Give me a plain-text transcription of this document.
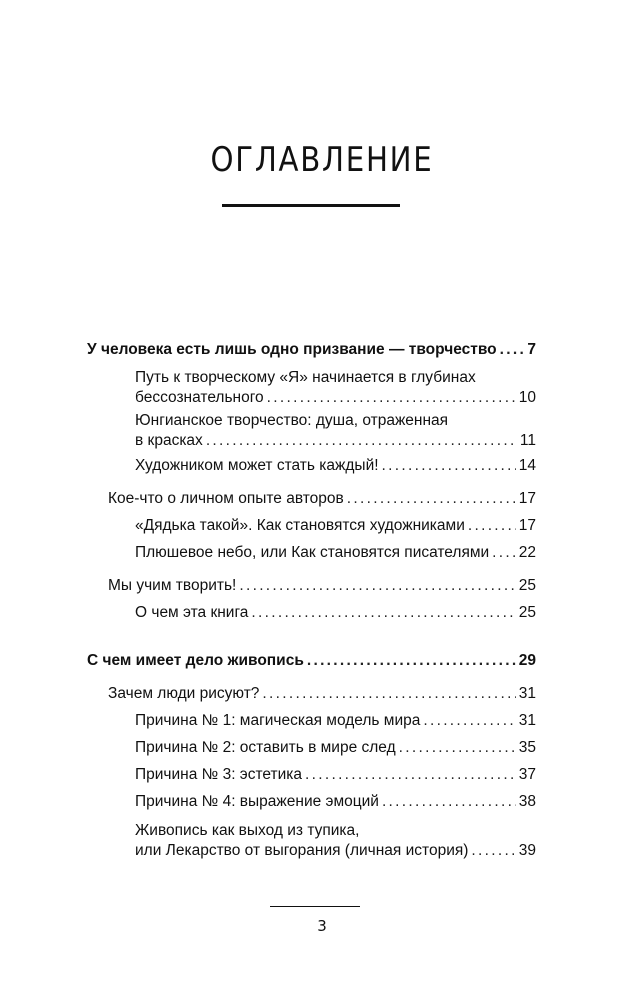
ОГЛАВЛЕНИЕ
У человека есть лишь одно призвание — творчество . . . 7
Путь к творческому «Я» начинается в глубинах
бессознательного . . .	10
Юнгианское творчество: душа, отраженная
в красках . . .	11
Художником может стать каждый! . . .	14
Кое-что о личном опыте авторов . . .	17
«Дядька такой». Как становятся художниками . . .	17
Плюшевое небо, или Как становятся писателями . . . 22
Мы учим творить! . . .	25
О чем эта книга . . .	25
С чем имеет дело живопись . . .	29
Зачем люди рисуют? . . .	31
Причина № 1: магическая модель мира . . .	31
Причина № 2: оставить в мире след . . .	35
Причина № 3: эстетика . . .	37
Причина № 4: выражение эмоций . . .	38
Живопись как выход из тупика,
или Лекарство от выгорания (личная история) . . .	39
3
